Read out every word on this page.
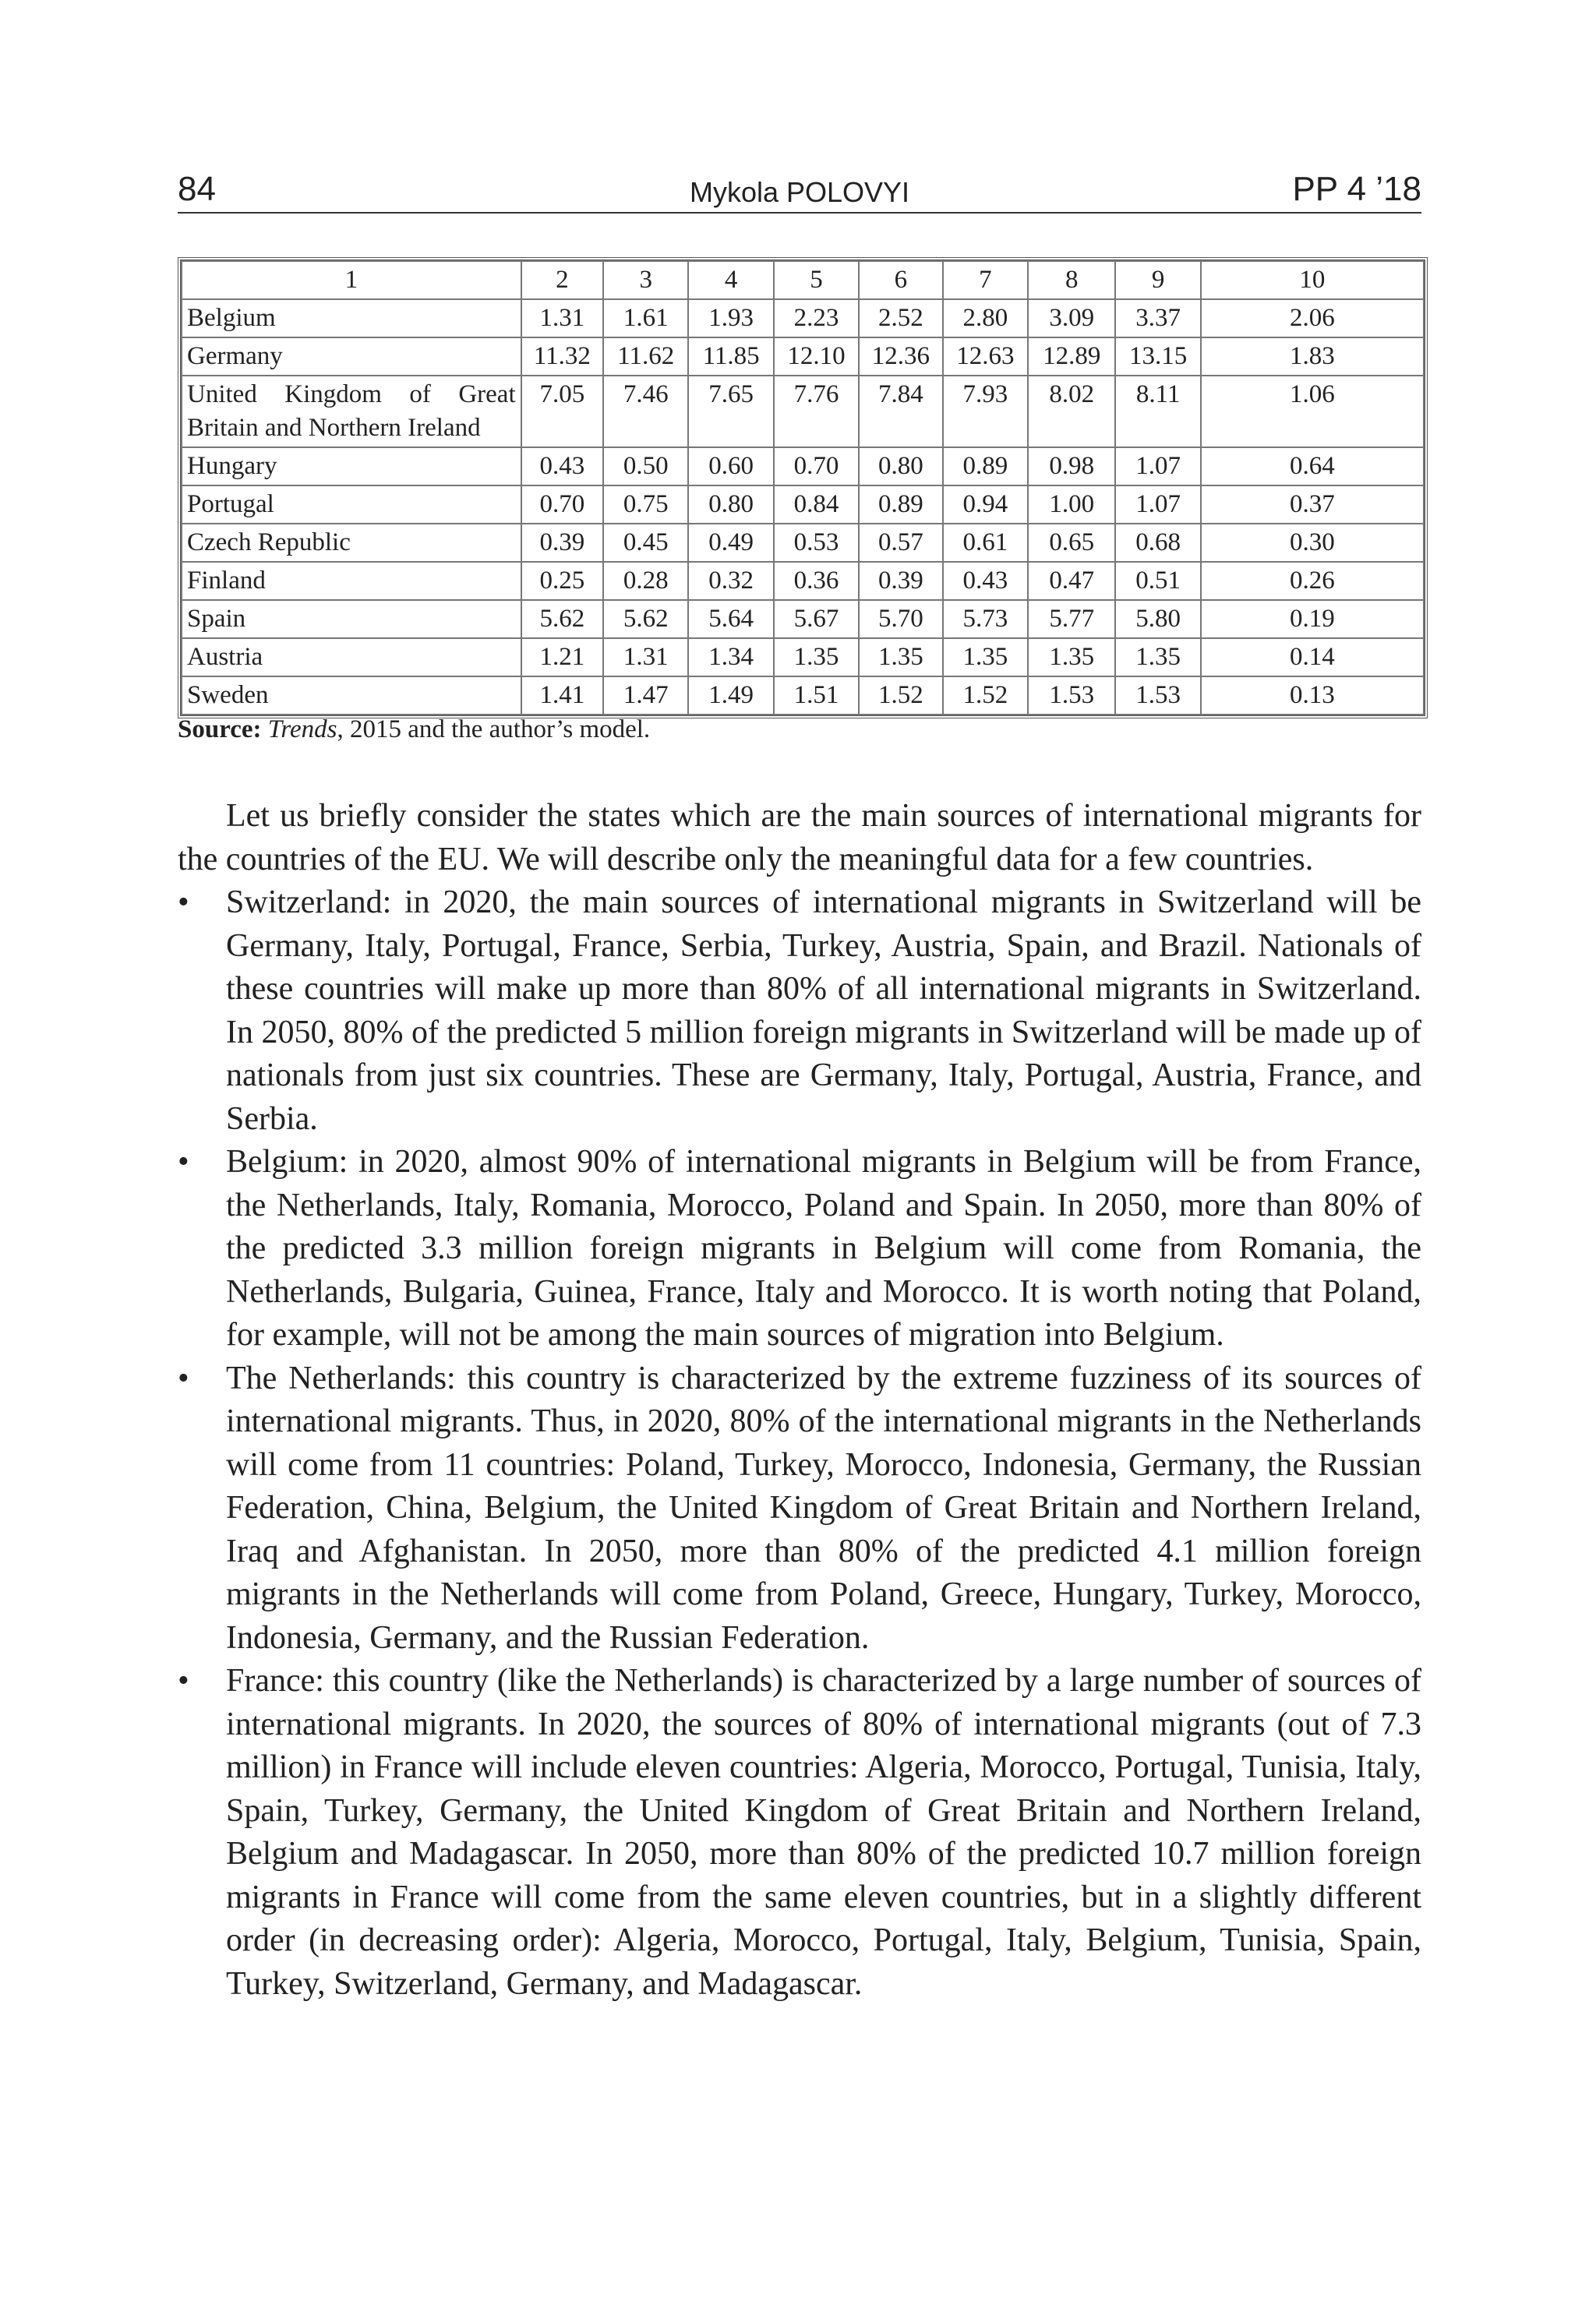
84	Mykola POLOVYI	PP 4 ’18
1	2	3	4	5	6	7	8	9	10
Belgium	1.31	1.61	1.93	2.23	2.52	2.80	3.09	3.37	2.06
Germany	11.32	11.62	11.85	12.10	12.36	12.63	12.89	13.15	1.83
United Kingdom of Great Britain and Northern Ireland	7.05	7.46	7.65	7.76	7.84	7.93	8.02	8.11	1.06
Hungary	0.43	0.50	0.60	0.70	0.80	0.89	0.98	1.07	0.64
Portugal	0.70	0.75	0.80	0.84	0.89	0.94	1.00	1.07	0.37
Czech Republic	0.39	0.45	0.49	0.53	0.57	0.61	0.65	0.68	0.30
Finland	0.25	0.28	0.32	0.36	0.39	0.43	0.47	0.51	0.26
Spain	5.62	5.62	5.64	5.67	5.70	5.73	5.77	5.80	0.19
Austria	1.21	1.31	1.34	1.35	1.35	1.35	1.35	1.35	0.14
Sweden	1.41	1.47	1.49	1.51	1.52	1.52	1.53	1.53	0.13
Source: Trends, 2015 and the author’s model.

Let us briefly consider the states which are the main sources of international migrants for the countries of the EU. We will describe only the meaningful data for a few countries.

• Switzerland: in 2020, the main sources of international migrants in Switzerland will be Germany, Italy, Portugal, France, Serbia, Turkey, Austria, Spain, and Brazil. Nationals of these countries will make up more than 80% of all international migrants in Switzerland. In 2050, 80% of the predicted 5 million foreign migrants in Switzerland will be made up of nationals from just six countries. These are Germany, Italy, Portugal, Austria, France, and Serbia.
• Belgium: in 2020, almost 90% of international migrants in Belgium will be from France, the Netherlands, Italy, Romania, Morocco, Poland and Spain. In 2050, more than 80% of the predicted 3.3 million foreign migrants in Belgium will come from Romania, the Netherlands, Bulgaria, Guinea, France, Italy and Morocco. It is worth noting that Poland, for example, will not be among the main sources of migration into Belgium.
• The Netherlands: this country is characterized by the extreme fuzziness of its sources of international migrants. Thus, in 2020, 80% of the international migrants in the Netherlands will come from 11 countries: Poland, Turkey, Morocco, Indonesia, Germany, the Russian Federation, China, Belgium, the United Kingdom of Great Britain and Northern Ireland, Iraq and Afghanistan. In 2050, more than 80% of the predicted 4.1 million foreign migrants in the Netherlands will come from Poland, Greece, Hungary, Turkey, Morocco, Indonesia, Germany, and the Russian Federation.
• France: this country (like the Netherlands) is characterized by a large number of sources of international migrants. In 2020, the sources of 80% of international migrants (out of 7.3 million) in France will include eleven countries: Algeria, Morocco, Portugal, Tunisia, Italy, Spain, Turkey, Germany, the United Kingdom of Great Britain and Northern Ireland, Belgium and Madagascar. In 2050, more than 80% of the predicted 10.7 million foreign migrants in France will come from the same eleven countries, but in a slightly different order (in decreasing order): Algeria, Morocco, Portugal, Italy, Belgium, Tunisia, Spain, Turkey, Switzerland, Germany, and Madagascar.
